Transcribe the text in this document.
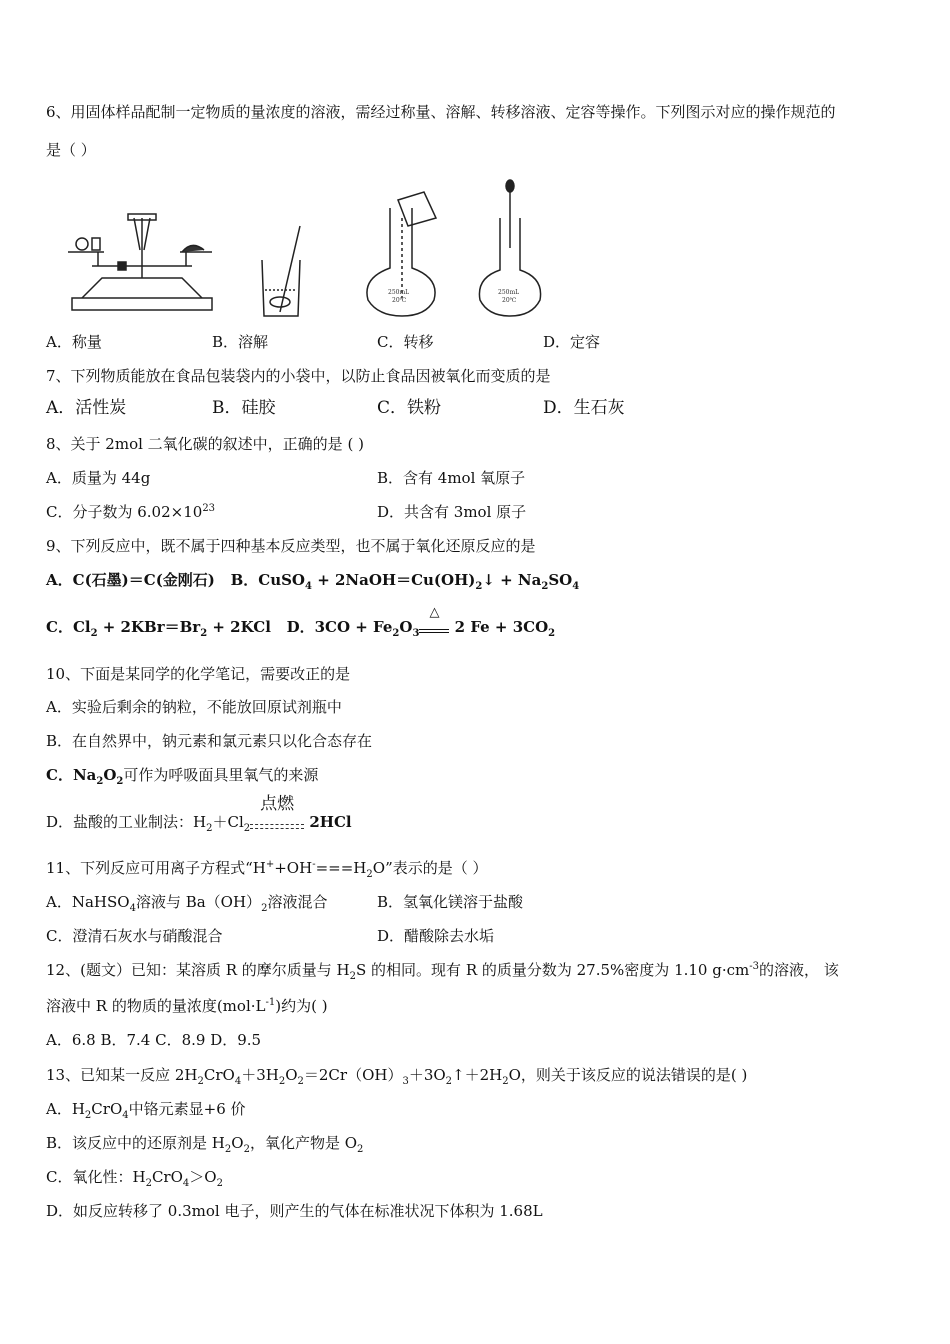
6、用固体样品配制一定物质的量浓度的溶液，需经过称量、溶解、转移溶液、定容等操作。下列图示对应的操作规范的
是（ ）
250mL
20℃
250mL
20℃
A．称量	B．溶解	C．转移	D．定容
7、下列物质能放在食品包装袋内的小袋中，以防止食品因被氧化而变质的是
A．活性炭	B．硅胶	C．铁粉	D．生石灰
8、关于 2mol 二氧化碳的叙述中，正确的是 ( )
A．质量为 44g	B．含有 4mol 氧原子
C．分子数为 $6.02\times 10^{23}$	D．共含有 3mol 原子
9、下列反应中，既不属于四种基本反应类型，也不属于氧化还原反应的是
A．C(石墨)＝C(金刚石) B．CuSO$_4$ + $2NaOH=Cu(OH)_2↓ + Na_2SO_4$
C．$Cl_2 + 2KBr=Br_2 + 2KCl$ D．$3CO + Fe_2O_3$
△
2 $Fe + 3CO_2$
10、下面是某同学的化学笔记，需要改正的是
A．实验后剩余的钠粒，不能放回原试剂瓶中
B．在自然界中，钠元素和氯元素只以化合态存在
C．$Na_2O_2$可作为呼吸面具里氧气的来源
D．盐酸的工业制法：$H_2+Cl_2$
点燃
2HCl
11、下列反应可用离子方程式“$H^++OH^-===H_2O$”表示的是（ ）
A．NaHSO$_4$溶液与 $Ba(OH)_2$溶液混合	B．氢氧化镁溶于盐酸
C．澄清石灰水与硝酸混合	D．醋酸除去水垢
12、(题文）已知：某溶质 R 的摩尔质量与 $H_2S$ 的相同。现有 R 的质量分数为 27.5%密度为 1.10 $g\cdot cm^{-3}$的溶液， 该
溶液中 R 的物质的量浓度$(mol\cdot L^{-1})$约为( )
A．6.8 B．7.4 C．8.9 D．9.5
13、已知某一反应 $2H_2CrO_4+3H_2O_2=2Cr(OH)_3+3O_2↑+2H_2O$，则关于该反应的说法错误的是( )
A．$H_2CrO_4$中铬元素显+6 价
B．该反应中的还原剂是 $H_2O_2$，氧化产物是 $O_2$
C．氧化性：$H_2CrO_4>O_2$
D．如反应转移了 0.3mol 电子，则产生的气体在标准状况下体积为 1.68L
